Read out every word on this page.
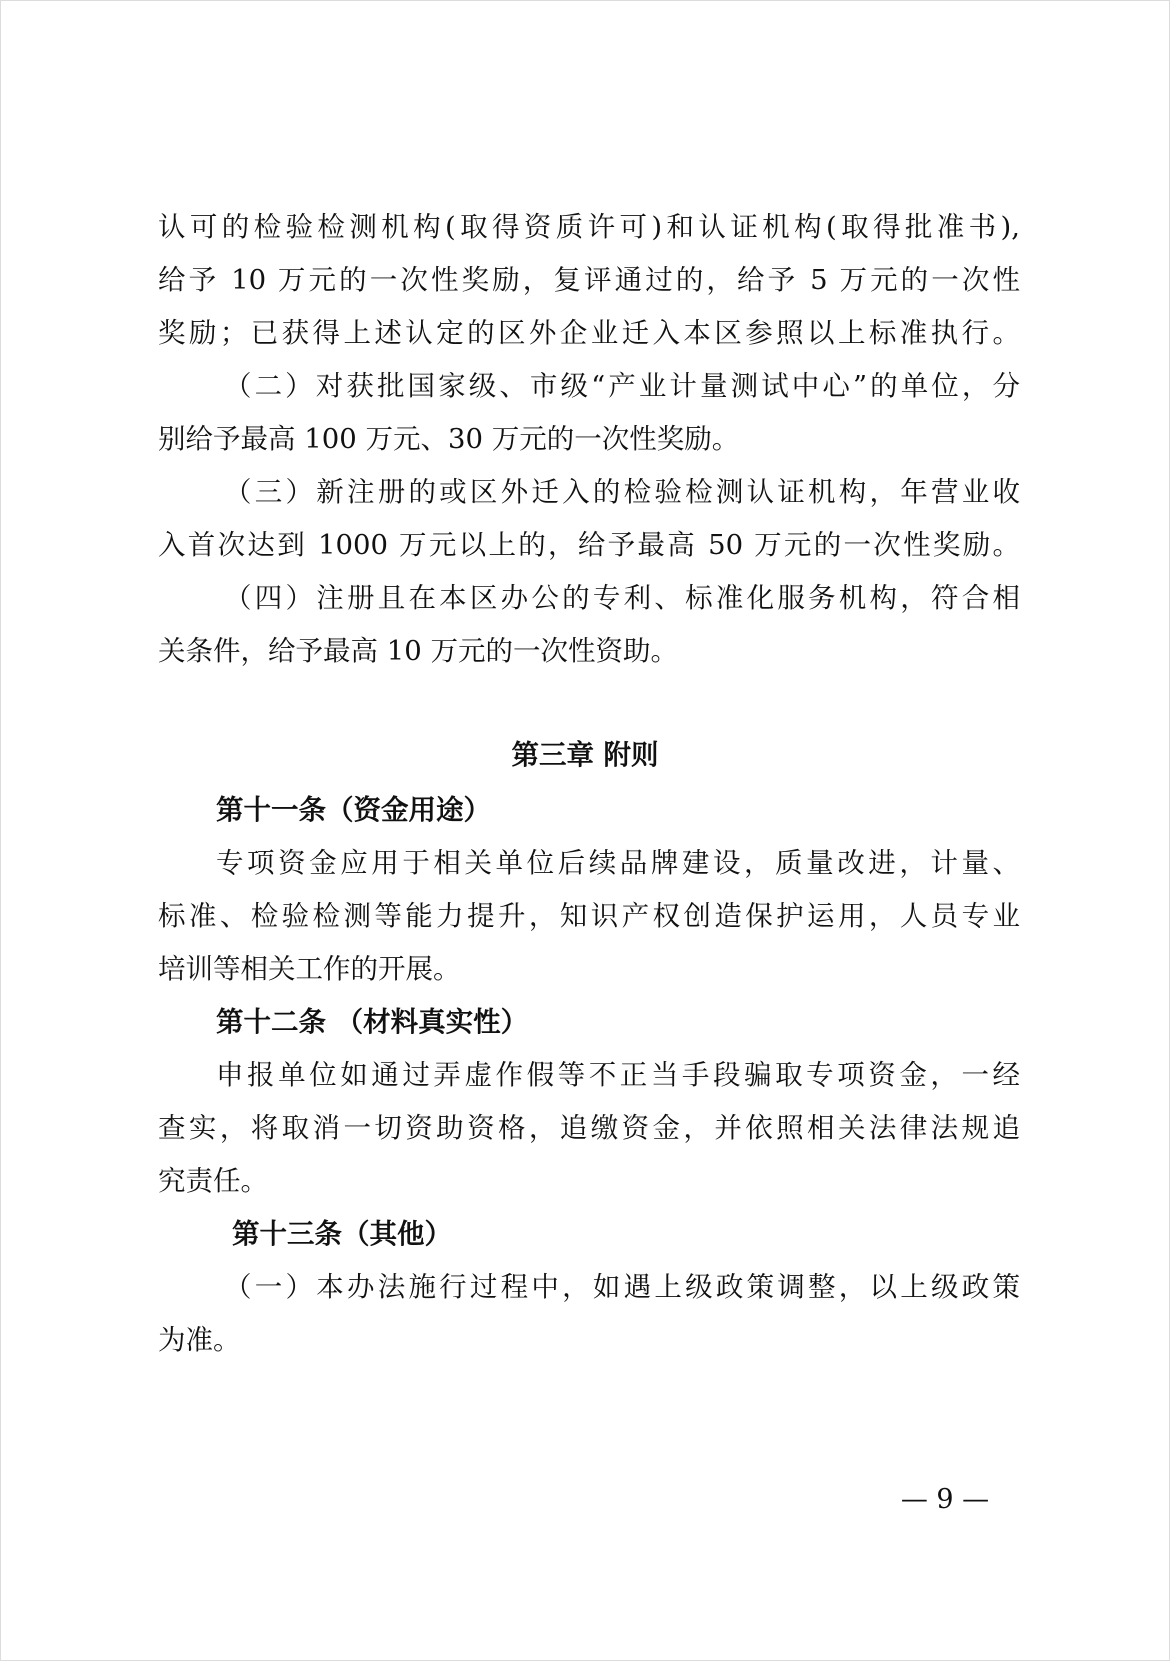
认可的检验检测机构(取得资质许可)和认证机构(取得批准书),
给予 10 万元的一次性奖励，复评通过的，给予 5 万元的一次性
奖励；已获得上述认定的区外企业迁入本区参照以上标准执行。
（二）对获批国家级、市级“产业计量测试中心”的单位，分
别给予最高 100 万元、30 万元的一次性奖励。
（三）新注册的或区外迁入的检验检测认证机构，年营业收
入首次达到 1000 万元以上的，给予最高 50 万元的一次性奖励。
（四）注册且在本区办公的专利、标准化服务机构，符合相
关条件，给予最高 10 万元的一次性资助。
第三章 附则
第十一条（资金用途）
专项资金应用于相关单位后续品牌建设，质量改进，计量、
标准、检验检测等能力提升，知识产权创造保护运用，人员专业
培训等相关工作的开展。
第十二条 （材料真实性）
申报单位如通过弄虚作假等不正当手段骗取专项资金，一经
查实，将取消一切资助资格，追缴资金，并依照相关法律法规追
究责任。
第十三条（其他）
（一）本办法施行过程中，如遇上级政策调整，以上级政策
为准。
— 9 —
